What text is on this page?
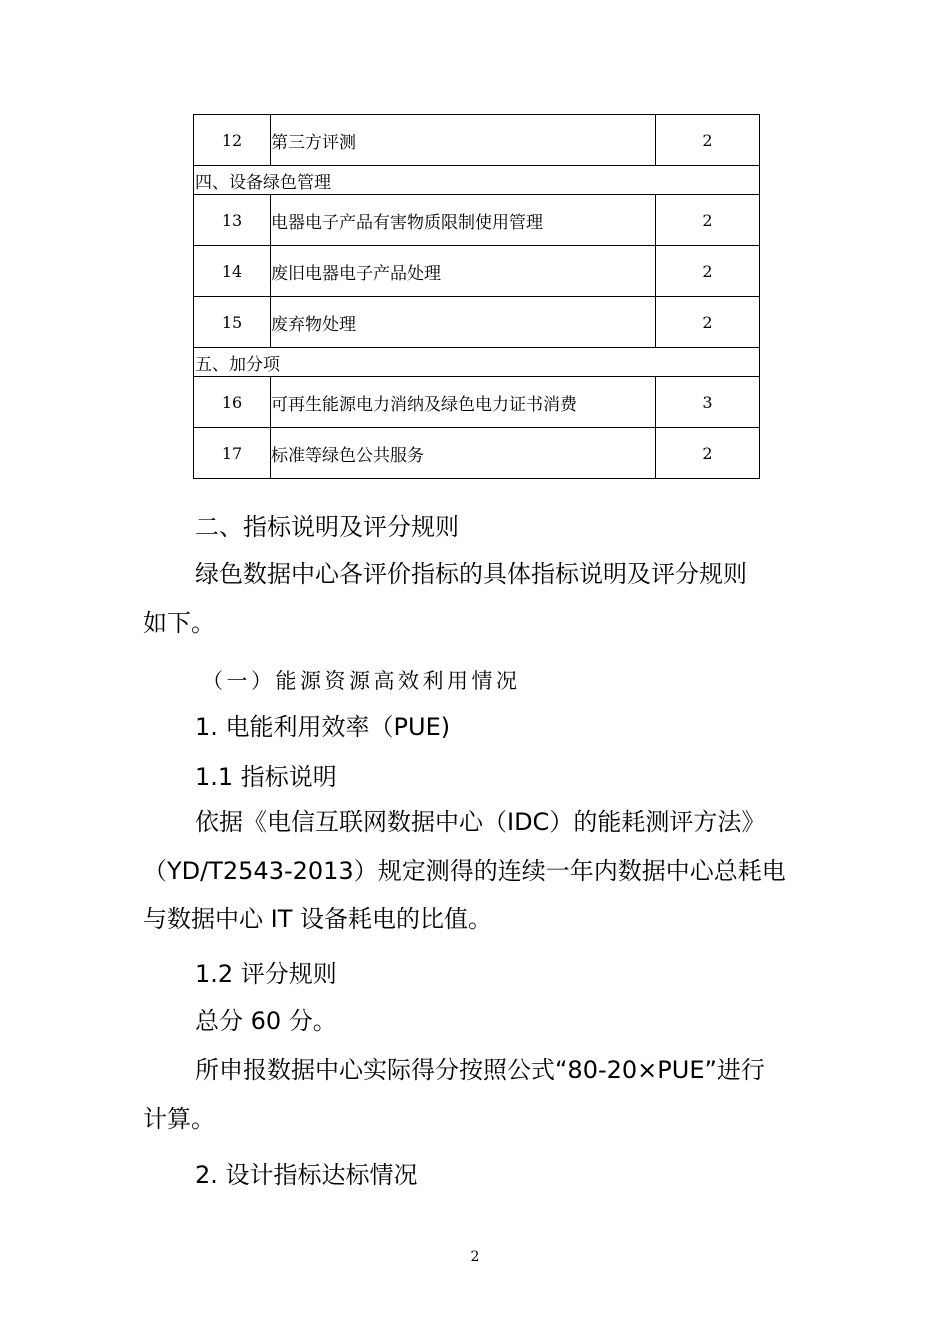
12	第三方评测	2
四、设备绿色管理		
13	电器电子产品有害物质限制使用管理	2
14	废旧电器电子产品处理	2
15	废弃物处理	2
五、加分项		
16	可再生能源电力消纳及绿色电力证书消费	3
17	标准等绿色公共服务	2
二、指标说明及评分规则
绿色数据中心各评价指标的具体指标说明及评分规则
如下。
（一）能源资源高效利用情况
1. 电能利用效率（PUE)
1.1 指标说明
依据《电信互联网数据中心（IDC）的能耗测评方法》
（YD/T2543-2013）规定测得的连续一年内数据中心总耗电
与数据中心 IT 设备耗电的比值。
1.2 评分规则
总分 60 分。
所申报数据中心实际得分按照公式“80-20×PUE”进行
计算。
2. 设计指标达标情况
2
